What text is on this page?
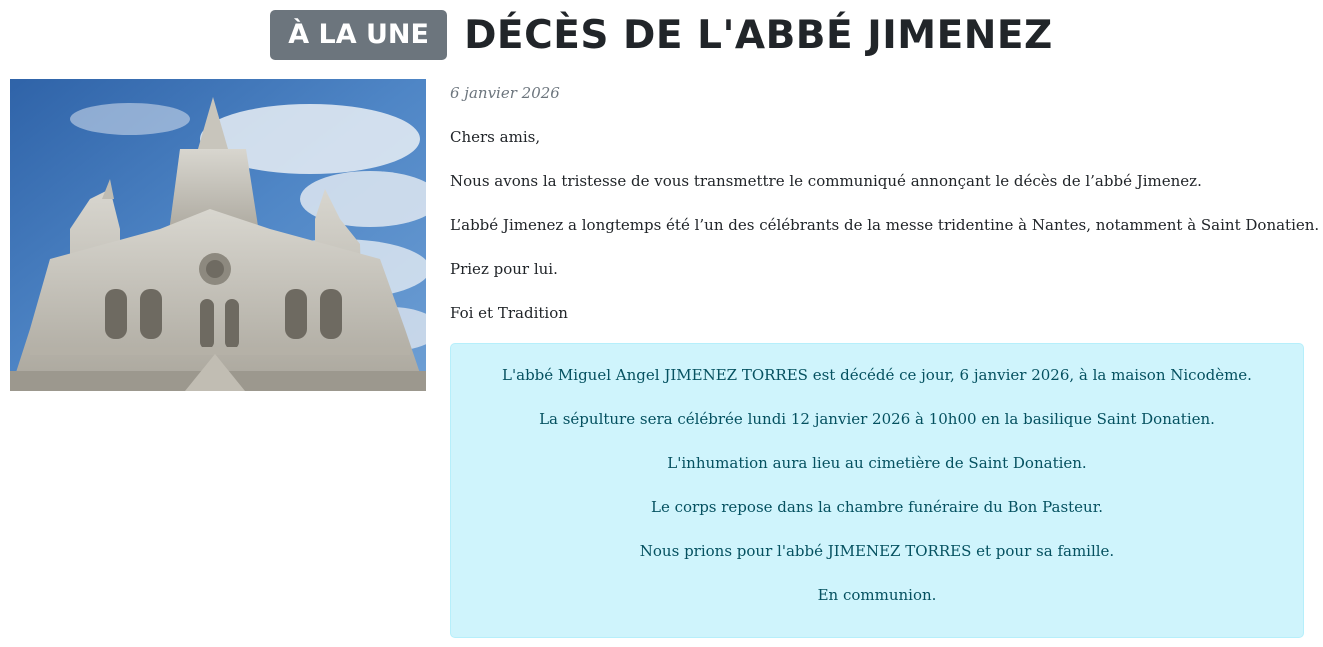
À LA UNE DÉCÈS DE L'ABBÉ JIMENEZ

6 janvier 2026

Chers amis,

Nous avons la tristesse de vous transmettre le communiqué annonçant le décès de l’abbé Jimenez.

L’abbé Jimenez a longtemps été l’un des célébrants de la messe tridentine à Nantes, notamment à Saint Donatien.

Priez pour lui.

Foi et Tradition

L'abbé Miguel Angel JIMENEZ TORRES est décédé ce jour, 6 janvier 2026, à la maison Nicodème.

La sépulture sera célébrée lundi 12 janvier 2026 à 10h00 en la basilique Saint Donatien.

L'inhumation aura lieu au cimetière de Saint Donatien.

Le corps repose dans la chambre funéraire du Bon Pasteur.

Nous prions pour l'abbé JIMENEZ TORRES et pour sa famille.

En communion.
